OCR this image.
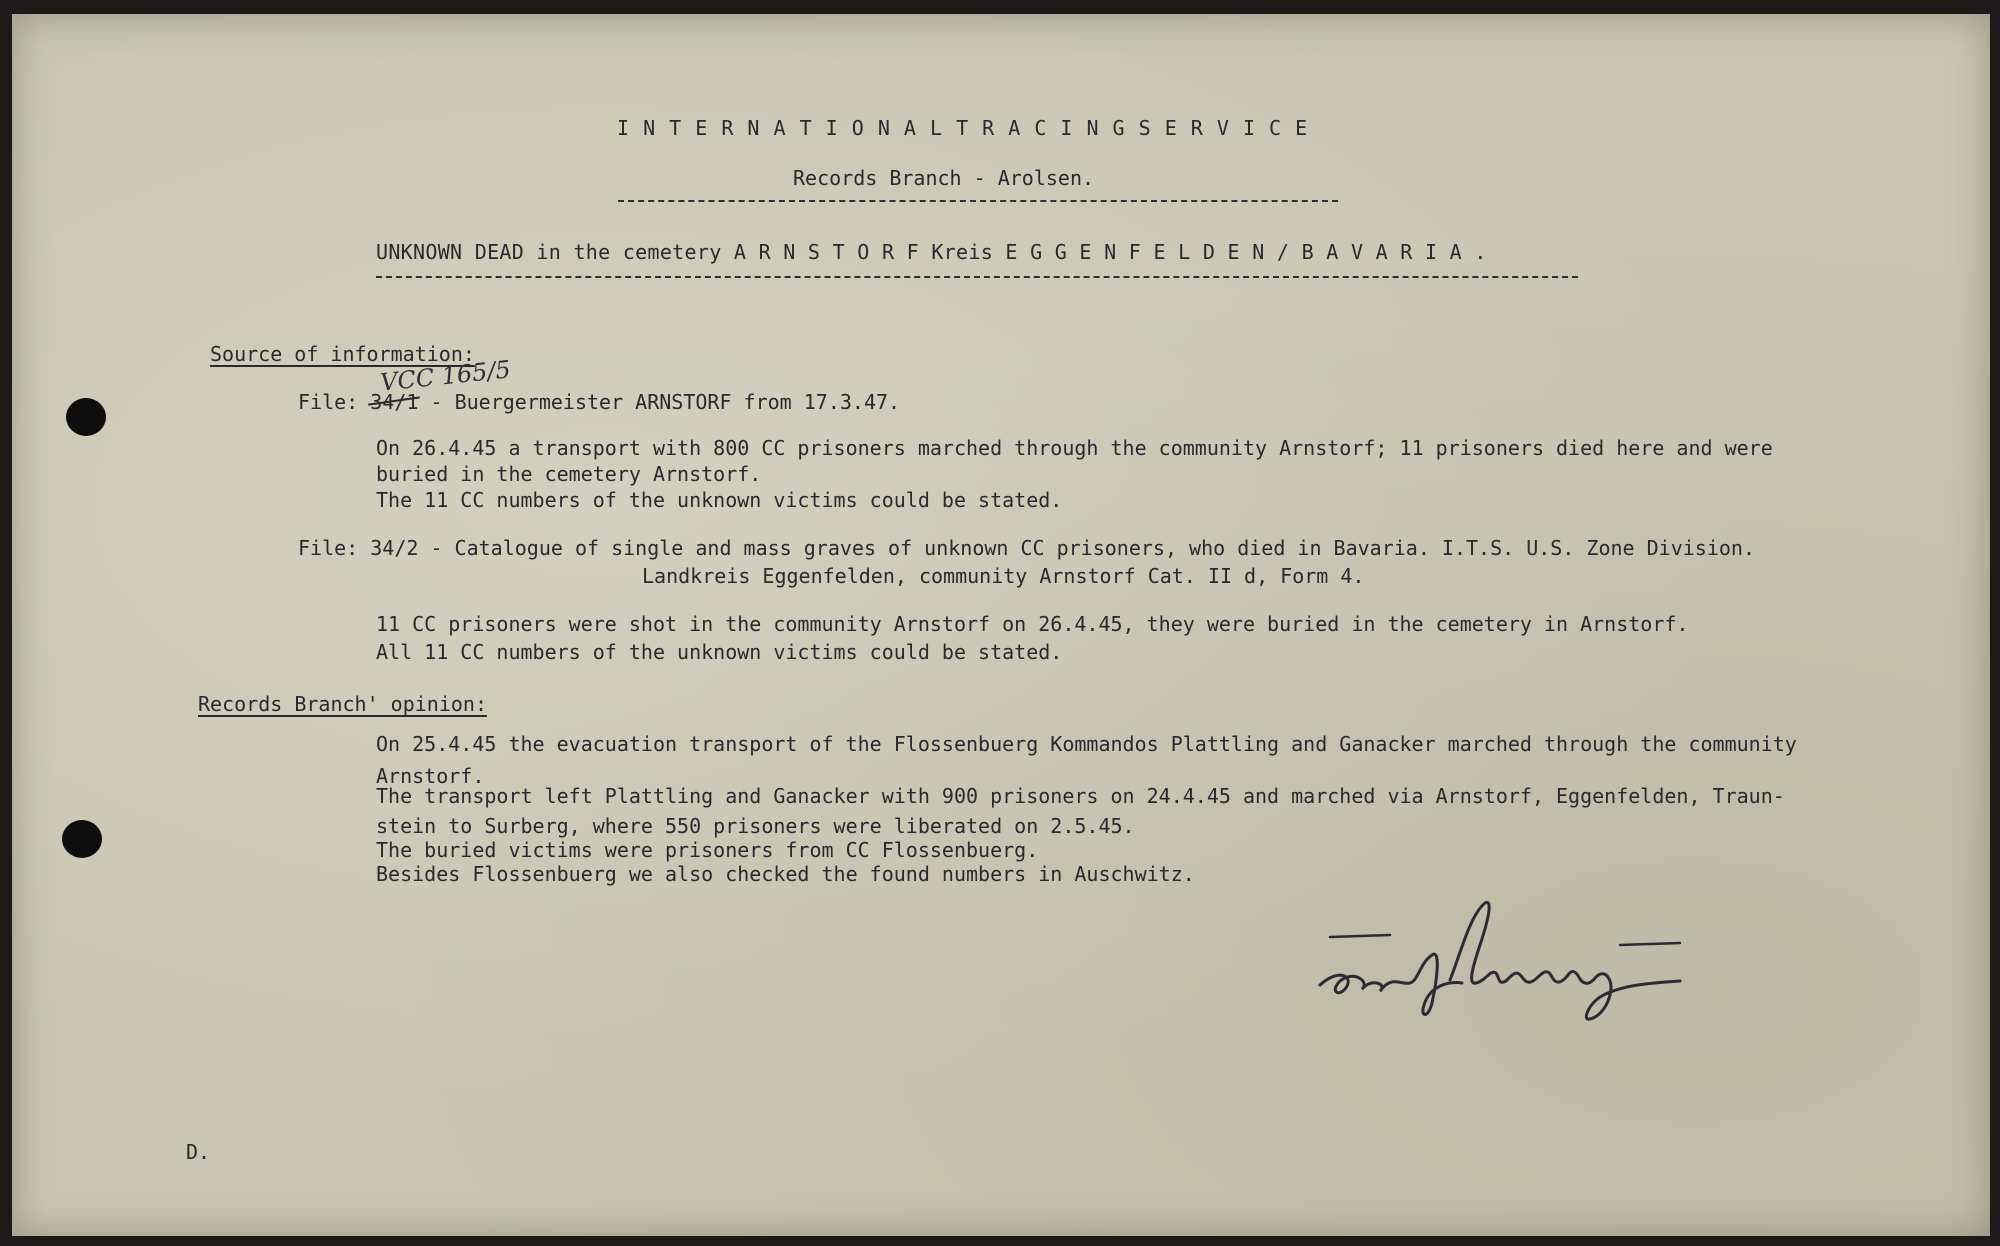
I N T E R N A T I O N A L T R A C I N G S E R V I C E

Records Branch - Arolsen.

UNKNOWN DEAD in the cemetery A R N S T O R F Kreis E G G E N F E L D E N / B A V A R I A .

Source of information:

VCC 165/5

File: 34/1 - Buergermeister ARNSTORF from 17.3.47.

On 26.4.45 a transport with 800 CC prisoners marched through the community Arnstorf; 11 prisoners died here and were

buried in the cemetery Arnstorf.

The 11 CC numbers of the unknown victims could be stated.

File: 34/2 - Catalogue of single and mass graves of unknown CC prisoners, who died in Bavaria. I.T.S. U.S. Zone Division.

Landkreis Eggenfelden, community Arnstorf Cat. II d, Form 4.

11 CC prisoners were shot in the community Arnstorf on 26.4.45, they were buried in the cemetery in Arnstorf.

All 11 CC numbers of the unknown victims could be stated.

Records Branch' opinion:

On 25.4.45 the evacuation transport of the Flossenbuerg Kommandos Plattling and Ganacker marched through the community

Arnstorf.

The transport left Plattling and Ganacker with 900 prisoners on 24.4.45 and marched via Arnstorf, Eggenfelden, Traun-

stein to Surberg, where 550 prisoners were liberated on 2.5.45.

The buried victims were prisoners from CC Flossenbuerg.

Besides Flossenbuerg we also checked the found numbers in Auschwitz.

D.
